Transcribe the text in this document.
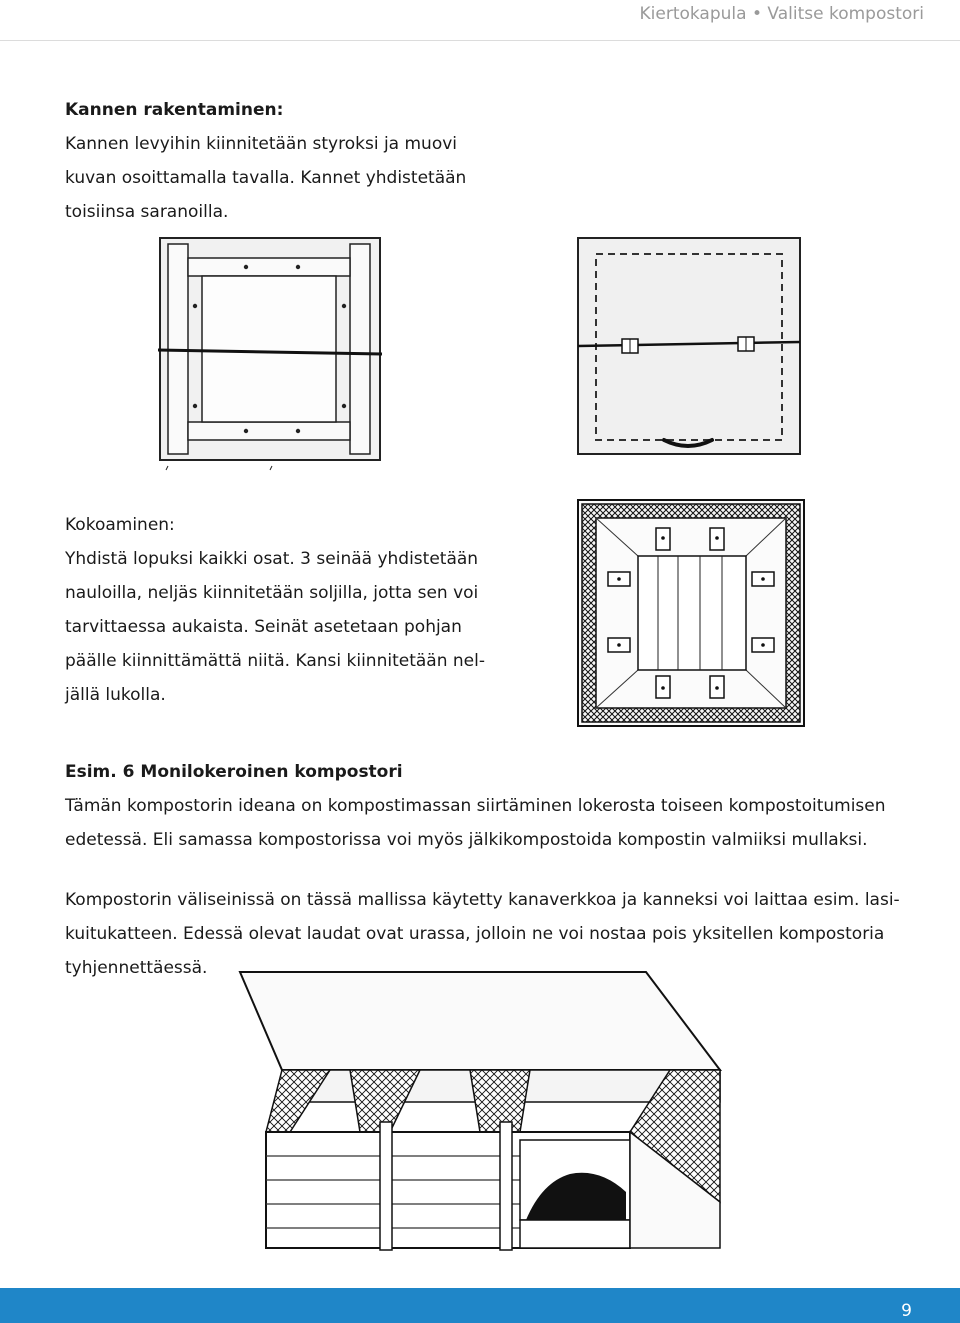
Kiertokapula • Valitse kompostori
Kannen rakentaminen:
Kannen levyihin kiinnitetään styroksi ja muovi
kuvan osoittamalla tavalla. Kannet yhdistetään
toisiinsa saranoilla.
Kokoaminen:
Yhdistä lopuksi kaikki osat. 3 seinää yhdistetään
nauloilla, neljäs kiinnitetään soljilla, jotta sen voi
tarvittaessa aukaista. Seinät asetetaan pohjan
päälle kiinnittämättä niitä. Kansi kiinnitetään nel-
jällä lukolla.
Esim. 6 Monilokeroinen kompostori
Tämän kompostorin ideana on kompostimassan siirtäminen lokerosta toiseen kompostoitumisen
edetessä. Eli samassa kompostorissa voi myös jälkikompostoida kompostin valmiiksi mullaksi.
Kompostorin väliseinissä on tässä mallissa käytetty kanaverkkoa ja kanneksi voi laittaa esim. lasi-
kuitukatteen. Edessä olevat laudat ovat urassa, jolloin ne voi nostaa pois yksitellen kompostoria
tyhjennettäessä.
9
